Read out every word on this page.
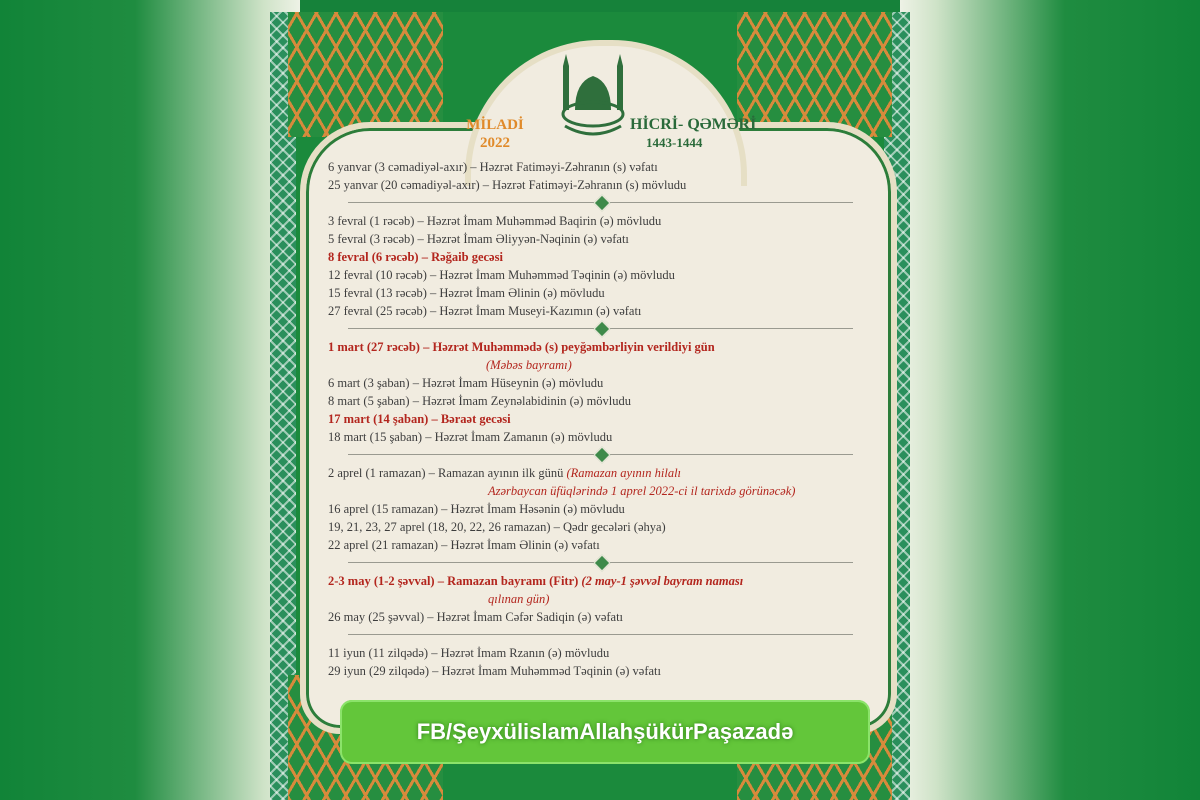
MİLADİ
2022
HİCRİ- QƏMƏRİ
1443-1444
6 yanvar (3 cəmadiyəl-axır) – Həzrət Fatiməyi-Zəhranın (s) vəfatı
25 yanvar (20 cəmadiyəl-axır) – Həzrət Fatiməyi-Zəhranın (s) mövludu
3 fevral (1 rəcəb) – Həzrət İmam Muhəmməd Baqirin (ə) mövludu
5 fevral (3 rəcəb) – Həzrət İmam Əliyyən-Nəqinin (ə) vəfatı
8 fevral (6 rəcəb) – Rəğaib gecəsi
12 fevral (10 rəcəb) – Həzrət İmam Muhəmməd Təqinin (ə) mövludu
15 fevral (13 rəcəb) – Həzrət İmam Əlinin (ə) mövludu
27 fevral (25 rəcəb) – Həzrət İmam Museyi-Kazımın (ə) vəfatı
1 mart (27 rəcəb) – Həzrət Muhəmmədə (s) peyğəmbərliyin verildiyi gün
(Məbəs bayramı)
6 mart (3 şaban) – Həzrət İmam Hüseynin (ə) mövludu
8 mart (5 şaban) – Həzrət İmam Zeynəlabidinin (ə) mövludu
17 mart (14 şaban) – Bəraət gecəsi
18 mart (15 şaban) – Həzrət İmam Zamanın (ə) mövludu
2 aprel (1 ramazan) – Ramazan ayının ilk günü (Ramazan ayının hilalı
Azərbaycan üfüqlərində 1 aprel 2022-ci il tarixdə görünəcək)
16 aprel (15 ramazan) – Həzrət İmam Həsənin (ə) mövludu
19, 21, 23, 27 aprel (18, 20, 22, 26 ramazan) – Qədr gecələri (əhya)
22 aprel (21 ramazan) – Həzrət İmam Əlinin (ə) vəfatı
2-3 may (1-2 şəvval) – Ramazan bayramı (Fitr) (2 may-1 şəvvəl bayram naması
qılınan gün)
26 may (25 şəvval) – Həzrət İmam Cəfər Sadiqin (ə) vəfatı
11 iyun (11 zilqədə) – Həzrət İmam Rzanın (ə) mövludu
29 iyun (29 zilqədə) – Həzrət İmam Muhəmməd Təqinin (ə) vəfatı
FB/ŞeyxülislamAllahşükürPaşazadə
